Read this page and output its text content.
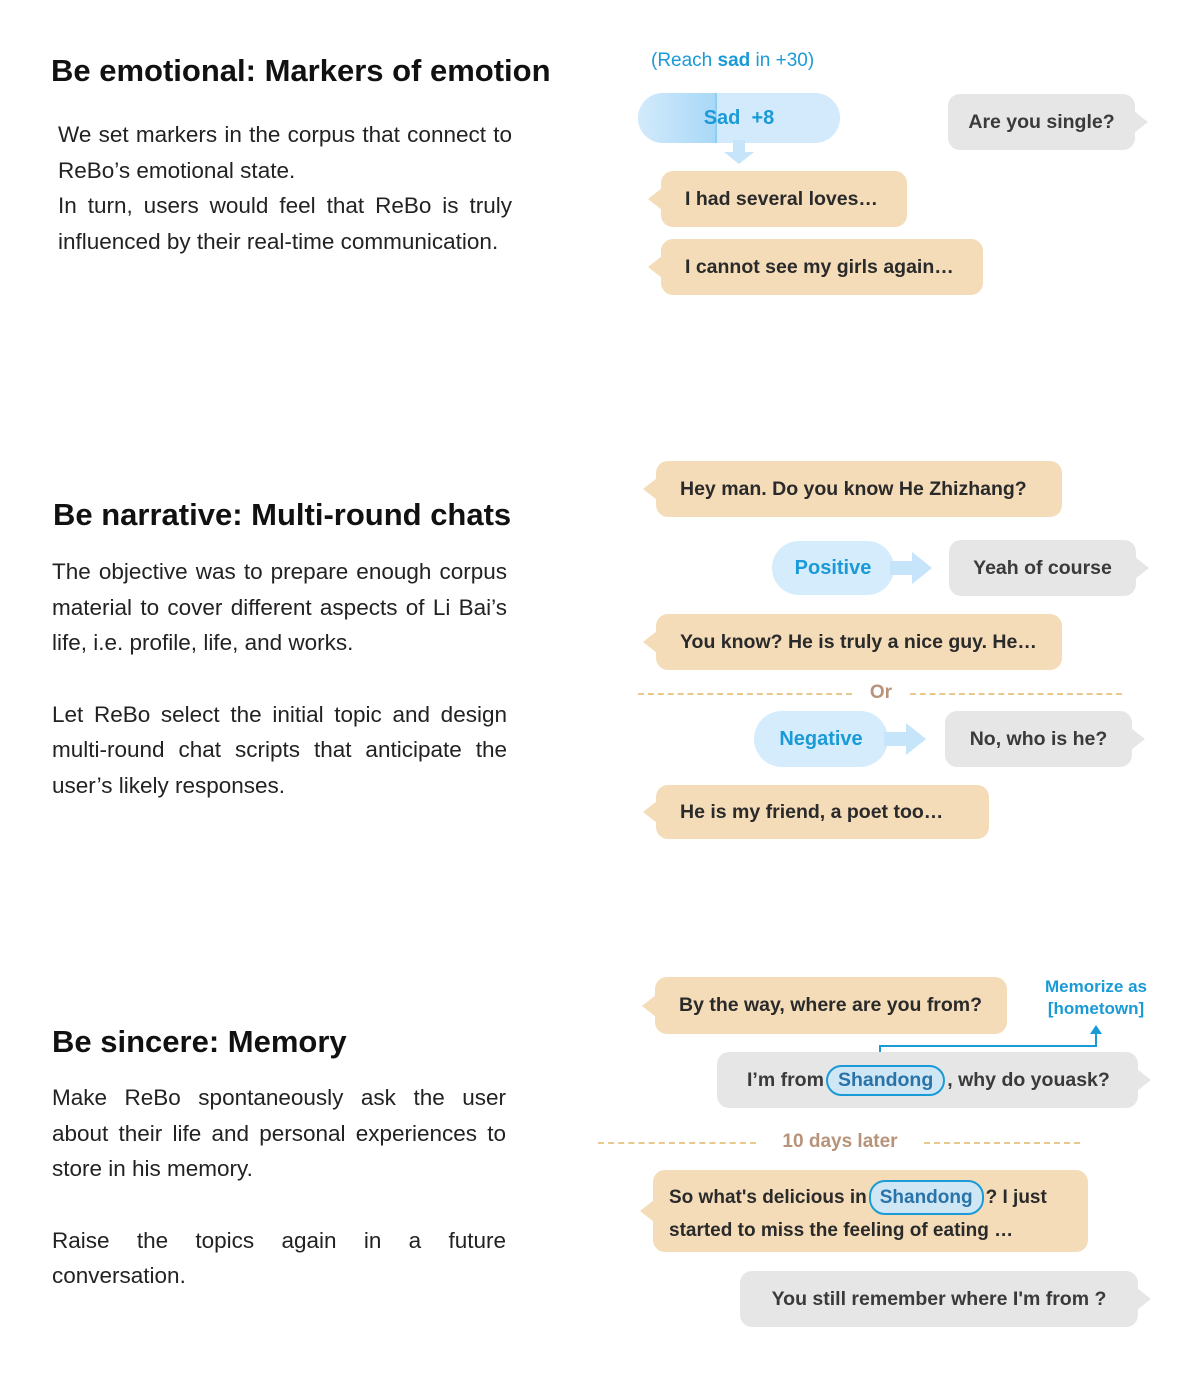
Be emotional: Markers of emotion

We set markers in the corpus that connect to ReBo’s emotional state.

In turn, users would feel that ReBo is truly influenced by their real-time communication.

Be narrative: Multi-round chats

The objective was to prepare enough corpus material to cover different aspects of Li Bai’s life, i.e. profile, life, and works.

Let ReBo select the initial topic and design multi-round chat scripts that anticipate the user’s likely responses.

Be sincere: Memory

Make ReBo spontaneously ask the user about their life and personal experiences to store in his memory.

Raise the topics again in a future conversation.

(Reach sad in +30)
Sad  +8	Are you single?
I had several loves…
I cannot see my girls again…
Hey man. Do you know He Zhizhang?
Positive	Yeah of course
You know? He is truly a nice guy. He…
Or
Negative	No, who is he?
He is my friend, a poet too…
By the way, where are you from?
Memorize as [hometown]
I’m from Shandong , why do youask?
10 days later
So what's delicious in Shandong ? I just
started to miss the feeling of eating …
You still remember where I'm from ?
